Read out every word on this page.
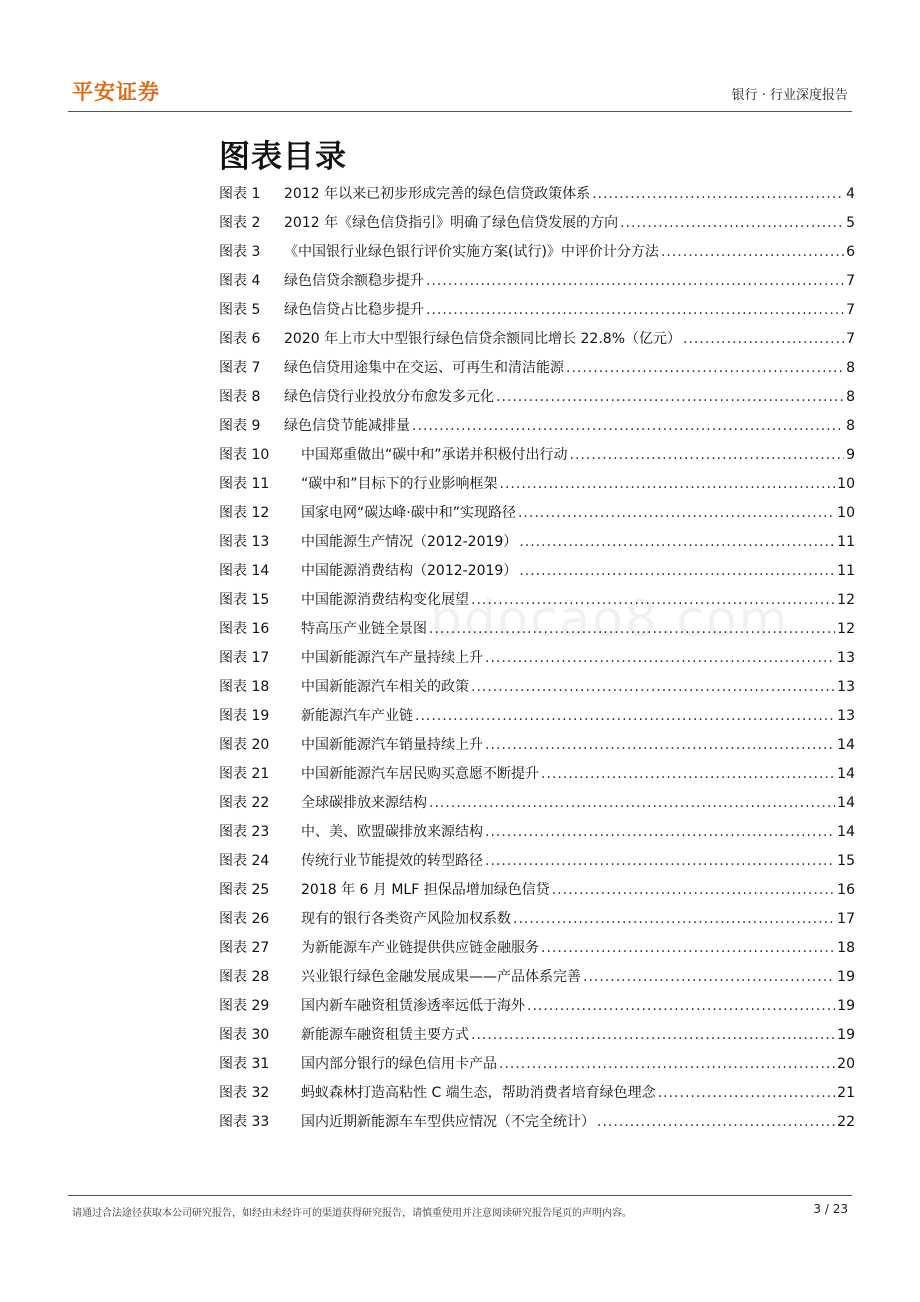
平安证券	银行 · 行业深度报告
图表目录
图表 1	2012 年以来已初步形成完善的绿色信贷政策体系 .....	4
图表 2	2012 年《绿色信贷指引》明确了绿色信贷发展的方向 .....	5
图表 3	《中国银行业绿色银行评价实施方案(试行)》中评价计分方法 .....	6
图表 4	绿色信贷余额稳步提升 .....	7
图表 5	绿色信贷占比稳步提升 .....	7
图表 6	2020 年上市大中型银行绿色信贷余额同比增长 22.8%（亿元） .....	7
图表 7	绿色信贷用途集中在交运、可再生和清洁能源 .....	8
图表 8	绿色信贷行业投放分布愈发多元化 .....	8
图表 9	绿色信贷节能减排量 .....	8
图表 10	中国郑重做出“碳中和”承诺并积极付出行动 .....	9
图表 11	“碳中和”目标下的行业影响框架 .....	10
图表 12	国家电网“碳达峰·碳中和”实现路径 .....	10
图表 13	中国能源生产情况（2012-2019） .....	11
图表 14	中国能源消费结构（2012-2019） .....	11
图表 15	中国能源消费结构变化展望 .....	12
图表 16	特高压产业链全景图 .....	12
图表 17	中国新能源汽车产量持续上升 .....	13
图表 18	中国新能源汽车相关的政策 .....	13
图表 19	新能源汽车产业链 .....	13
图表 20	中国新能源汽车销量持续上升 .....	14
图表 21	中国新能源汽车居民购买意愿不断提升 .....	14
图表 22	全球碳排放来源结构 .....	14
图表 23	中、美、欧盟碳排放来源结构 .....	14
图表 24	传统行业节能提效的转型路径 .....	15
图表 25	2018 年 6 月 MLF 担保品增加绿色信贷 .....	16
图表 26	现有的银行各类资产风险加权系数 .....	17
图表 27	为新能源车产业链提供供应链金融服务 .....	18
图表 28	兴业银行绿色金融发展成果——产品体系完善 .....	19
图表 29	国内新车融资租赁渗透率远低于海外 .....	19
图表 30	新能源车融资租赁主要方式 .....	19
图表 31	国内部分银行的绿色信用卡产品 .....	20
图表 32	蚂蚁森林打造高粘性 C 端生态，帮助消费者培育绿色理念 .....	21
图表 33	国内近期新能源车车型供应情况（不完全统计） .....	22
bdocao8.com
请通过合法途径获取本公司研究报告，如经由未经许可的渠道获得研究报告，请慎重使用并注意阅读研究报告尾页的声明内容。	3 / 23
